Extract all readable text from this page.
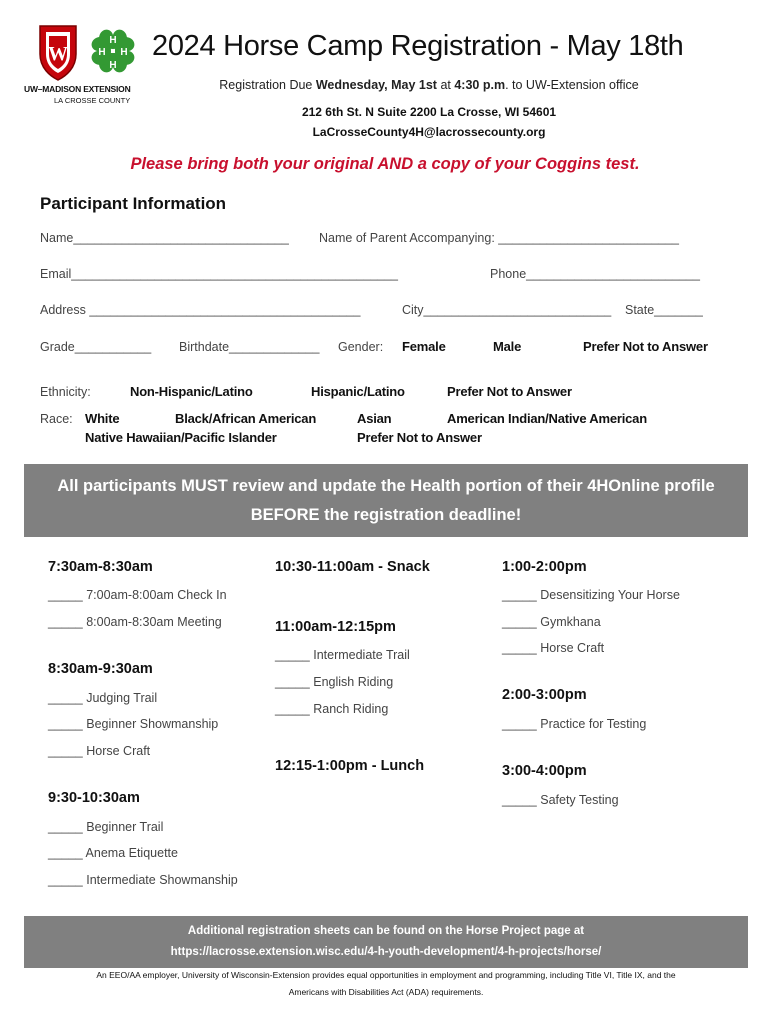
W
H
H
H H
UW–MADISON EXTENSION
LA CROSSE COUNTY
2024 Horse Camp Registration - May 18th
Registration Due Wednesday, May 1st at 4:30 p.m. to UW-Extension office
212 6th St. N Suite 2200 La Crosse, WI 54601
LaCrosseCounty4H@lacrossecounty.org
Please bring both your original AND a copy of your Coggins test.
Participant Information
Name_______________________________ Name of Parent Accompanying: __________________________
Email_______________________________________________	Phone_________________________
Address _______________________________________	City___________________________ State_______
Grade___________ Birthdate_____________ Gender: Female	Male	Prefer Not to Answer
Ethnicity:	Non-Hispanic/Latino	Hispanic/Latino	Prefer Not to Answer
Race: White	Black/African American	Asian	American Indian/Native American
Native Hawaiian/Pacific Islander	Prefer Not to Answer
All participants MUST review and update the Health portion of their 4HOnline profile
BEFORE the registration deadline!
7:30am-8:30am
_____ 7:00am-8:00am Check In
_____ 8:00am-8:30am Meeting
8:30am-9:30am
_____ Judging Trail
_____ Beginner Showmanship
_____ Horse Craft
9:30-10:30am
_____ Beginner Trail
_____ Anema Etiquette
_____ Intermediate Showmanship
10:30-11:00am - Snack
11:00am-12:15pm
_____ Intermediate Trail
_____ English Riding
_____ Ranch Riding
12:15-1:00pm - Lunch
1:00-2:00pm
_____ Desensitizing Your Horse
_____ Gymkhana
_____ Horse Craft
2:00-3:00pm
_____ Practice for Testing
3:00-4:00pm
_____ Safety Testing
Additional registration sheets can be found on the Horse Project page at
https://lacrosse.extension.wisc.edu/4-h-youth-development/4-h-projects/horse/
An EEO/AA employer, University of Wisconsin-Extension provides equal opportunities in employment and programming, including Title VI, Title IX, and the
Americans with Disabilities Act (ADA) requirements.
